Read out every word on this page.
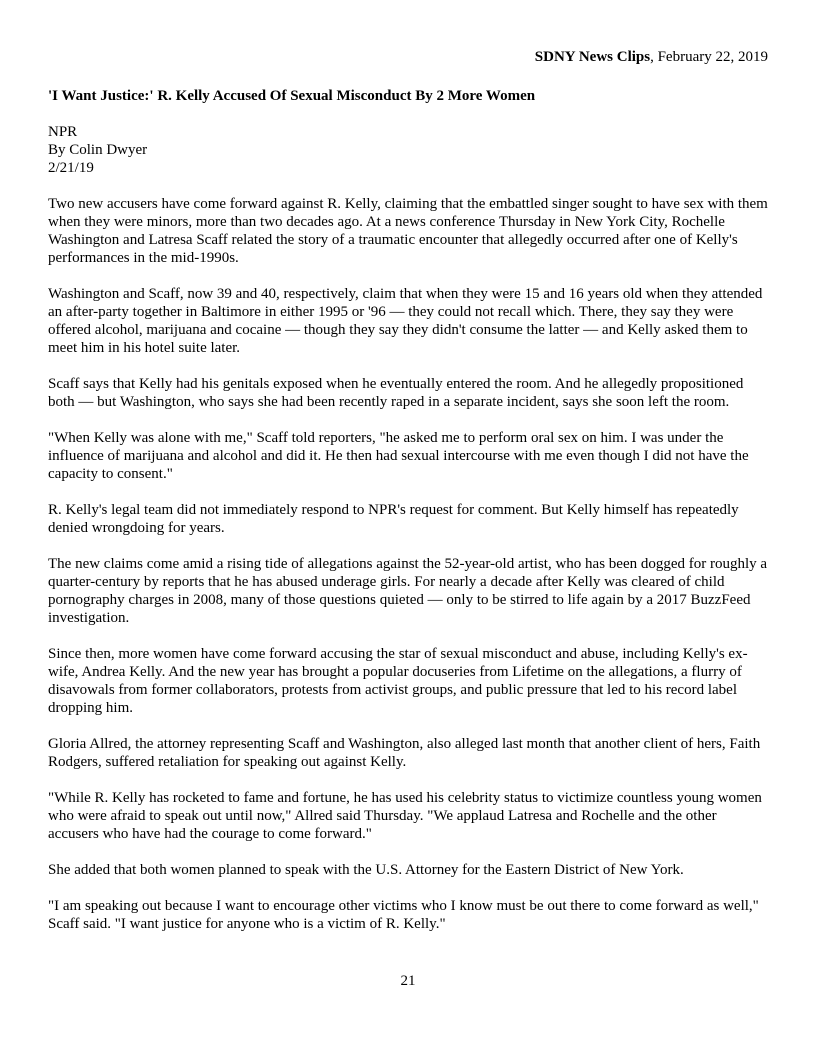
SDNY News Clips, February 22, 2019
'I Want Justice:' R. Kelly Accused Of Sexual Misconduct By 2 More Women
NPR
By Colin Dwyer
2/21/19

Two new accusers have come forward against R. Kelly, claiming that the embattled singer sought to have sex with them when they were minors, more than two decades ago. At a news conference Thursday in New York City, Rochelle Washington and Latresa Scaff related the story of a traumatic encounter that allegedly occurred after one of Kelly's performances in the mid-1990s.

Washington and Scaff, now 39 and 40, respectively, claim that when they were 15 and 16 years old when they attended an after-party together in Baltimore in either 1995 or '96 — they could not recall which. There, they say they were offered alcohol, marijuana and cocaine — though they say they didn't consume the latter — and Kelly asked them to meet him in his hotel suite later.

Scaff says that Kelly had his genitals exposed when he eventually entered the room. And he allegedly propositioned both — but Washington, who says she had been recently raped in a separate incident, says she soon left the room.

"When Kelly was alone with me," Scaff told reporters, "he asked me to perform oral sex on him. I was under the influence of marijuana and alcohol and did it. He then had sexual intercourse with me even though I did not have the capacity to consent."

R. Kelly's legal team did not immediately respond to NPR's request for comment. But Kelly himself has repeatedly denied wrongdoing for years.

The new claims come amid a rising tide of allegations against the 52-year-old artist, who has been dogged for roughly a quarter-century by reports that he has abused underage girls. For nearly a decade after Kelly was cleared of child pornography charges in 2008, many of those questions quieted — only to be stirred to life again by a 2017 BuzzFeed investigation.

Since then, more women have come forward accusing the star of sexual misconduct and abuse, including Kelly's ex-wife, Andrea Kelly. And the new year has brought a popular docuseries from Lifetime on the allegations, a flurry of disavowals from former collaborators, protests from activist groups, and public pressure that led to his record label dropping him.

Gloria Allred, the attorney representing Scaff and Washington, also alleged last month that another client of hers, Faith Rodgers, suffered retaliation for speaking out against Kelly.

"While R. Kelly has rocketed to fame and fortune, he has used his celebrity status to victimize countless young women who were afraid to speak out until now," Allred said Thursday. "We applaud Latresa and Rochelle and the other accusers who have had the courage to come forward."

She added that both women planned to speak with the U.S. Attorney for the Eastern District of New York.

"I am speaking out because I want to encourage other victims who I know must be out there to come forward as well," Scaff said. "I want justice for anyone who is a victim of R. Kelly."

21
